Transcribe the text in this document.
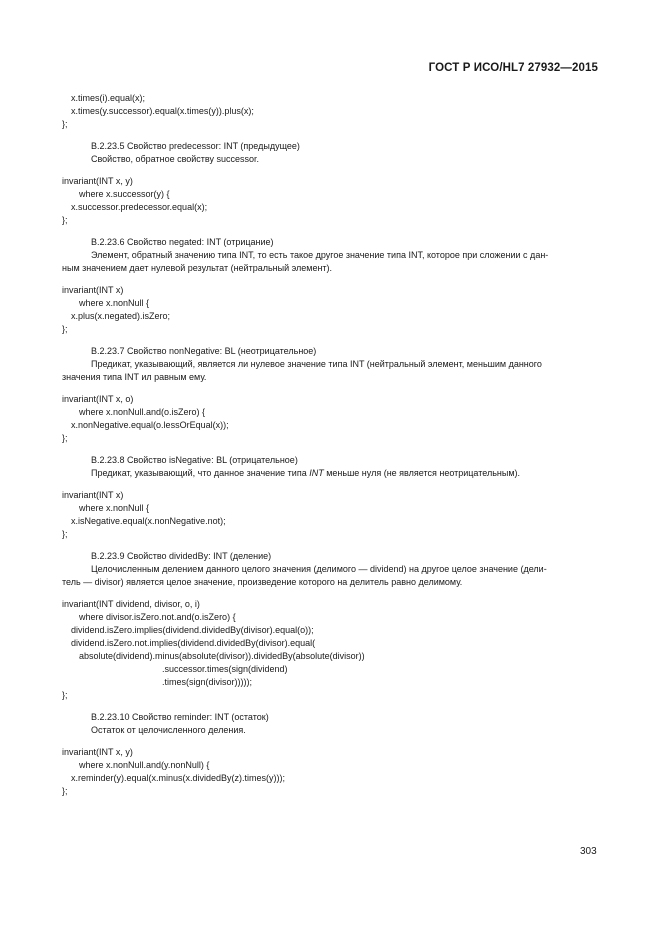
ГОСТ Р ИСО/HL7 27932—2015
x.times(i).equal(x);
x.times(y.successor).equal(x.times(y)).plus(x);
};
В.2.23.5 Свойство predecessor: INT (предыдущее)
Свойство, обратное свойству successor.
invariant(INT x, y)
where x.successor(y) {
x.successor.predecessor.equal(x);
};
В.2.23.6 Свойство negated: INT (отрицание)
Элемент, обратный значению типа INT, то есть такое другое значение типа INT, которое при сложении с дан-
ным значением дает нулевой результат (нейтральный элемент).
invariant(INT x)
where x.nonNull {
x.plus(x.negated).isZero;
};
В.2.23.7 Свойство nonNegative: BL (неотрицательное)
Предикат, указывающий, является ли нулевое значение типа INT (нейтральный элемент, меньшим данного
значения типа INT ил равным ему.
invariant(INT x, o)
where x.nonNull.and(o.isZero) {
x.nonNegative.equal(o.lessOrEqual(x));
};
В.2.23.8 Свойство isNegative: BL (отрицательное)
Предикат, указывающий, что данное значение типа INT меньше нуля (не является неотрицательным).
invariant(INT x)
where x.nonNull {
x.isNegative.equal(x.nonNegative.not);
};
В.2.23.9 Свойство dividedBy: INT (деление)
Целочисленным делением данного целого значения (делимого — dividend) на другое целое значение (дели-
тель — divisor) является целое значение, произведение которого на делитель равно делимому.
invariant(INT dividend, divisor, o, i)
where divisor.isZero.not.and(o.isZero) {
dividend.isZero.implies(dividend.dividedBy(divisor).equal(o));
dividend.isZero.not.implies(dividend.dividedBy(divisor).equal(
absolute(dividend).minus(absolute(divisor)).dividedBy(absolute(divisor))
.successor.times(sign(dividend)
.times(sign(divisor)))));
};
В.2.23.10 Свойство reminder: INT (остаток)
Остаток от целочисленного деления.
invariant(INT x, y)
where x.nonNull.and(y.nonNull) {
x.reminder(y).equal(x.minus(x.dividedBy(z).times(y)));
};
303
